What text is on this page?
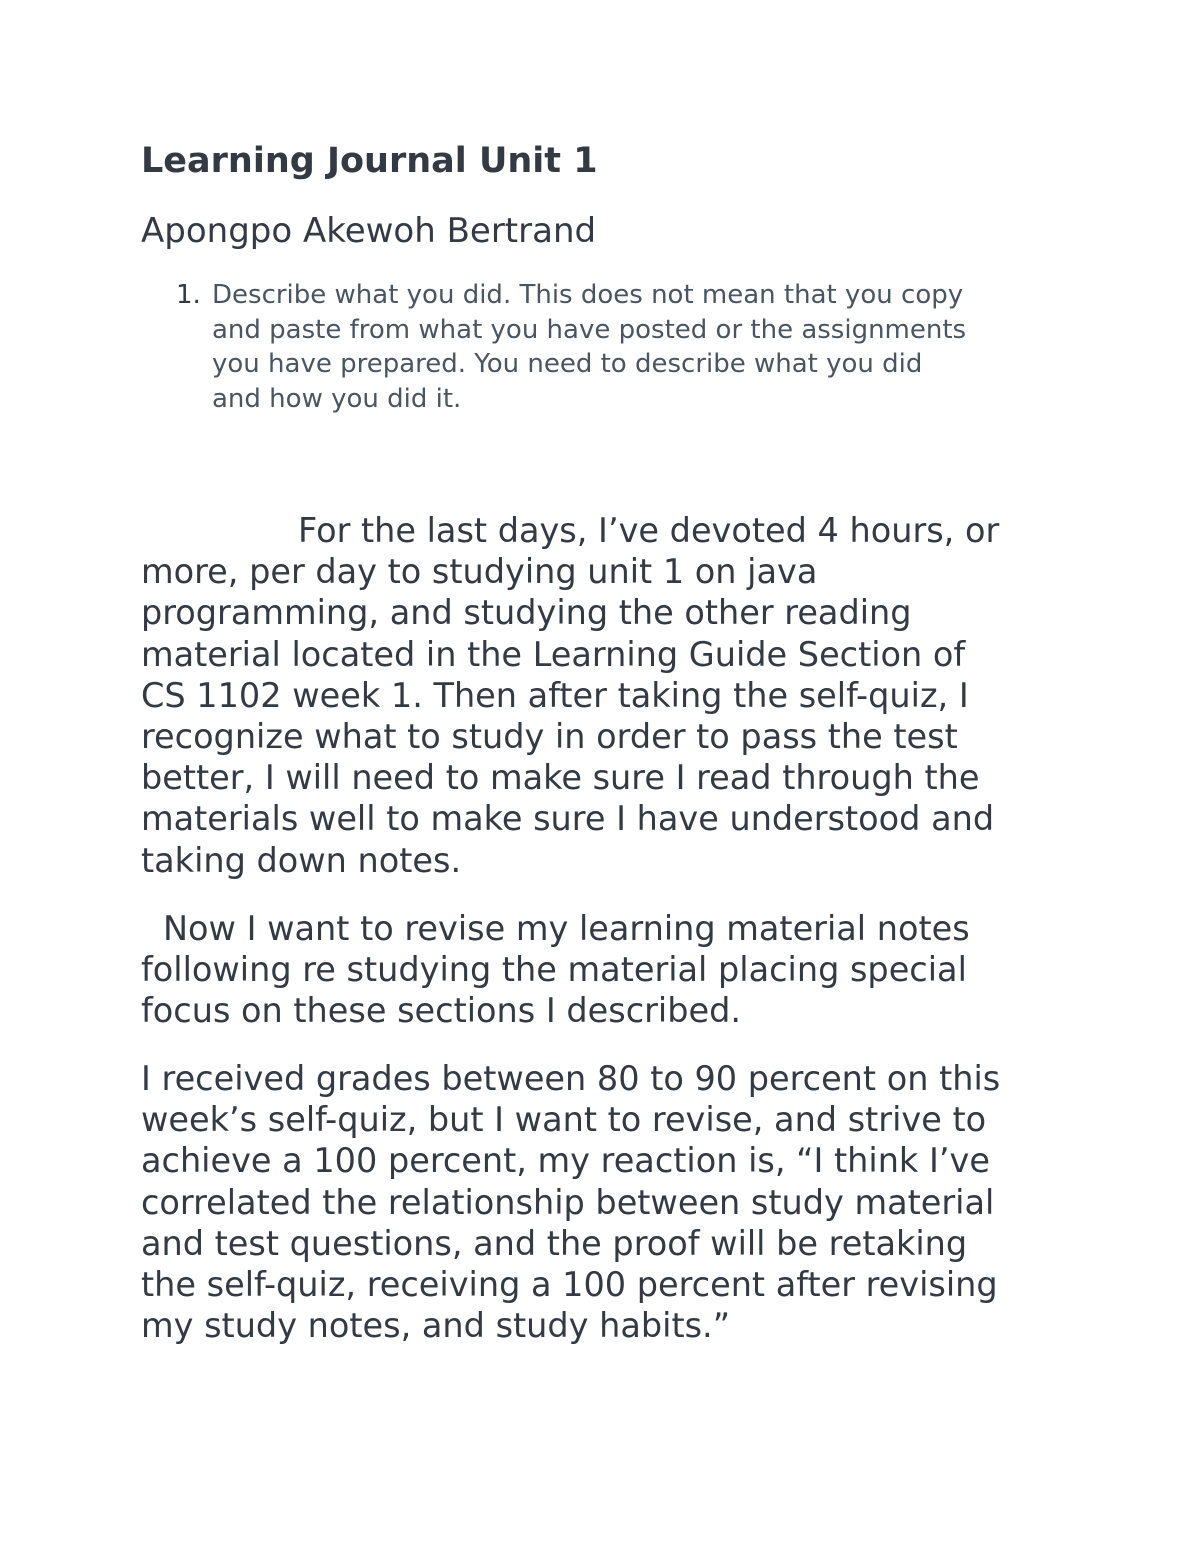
Learning Journal Unit 1

Apongpo Akewoh Bertrand

1. Describe what you did. This does not mean that you copy
and paste from what you have posted or the assignments
you have prepared. You need to describe what you did
and how you did it.
For the last days, I’ve devoted 4 hours, or
more, per day to studying unit 1 on java
programming, and studying the other reading
material located in the Learning Guide Section of
CS 1102 week 1. Then after taking the self-quiz, I
recognize what to study in order to pass the test
better, I will need to make sure I read through the
materials well to make sure I have understood and
taking down notes.
Now I want to revise my learning material notes
following re studying the material placing special
focus on these sections I described.
I received grades between 80 to 90 percent on this
week’s self-quiz, but I want to revise, and strive to
achieve a 100 percent, my reaction is, “I think I’ve
correlated the relationship between study material
and test questions, and the proof will be retaking
the self-quiz, receiving a 100 percent after revising
my study notes, and study habits.”
